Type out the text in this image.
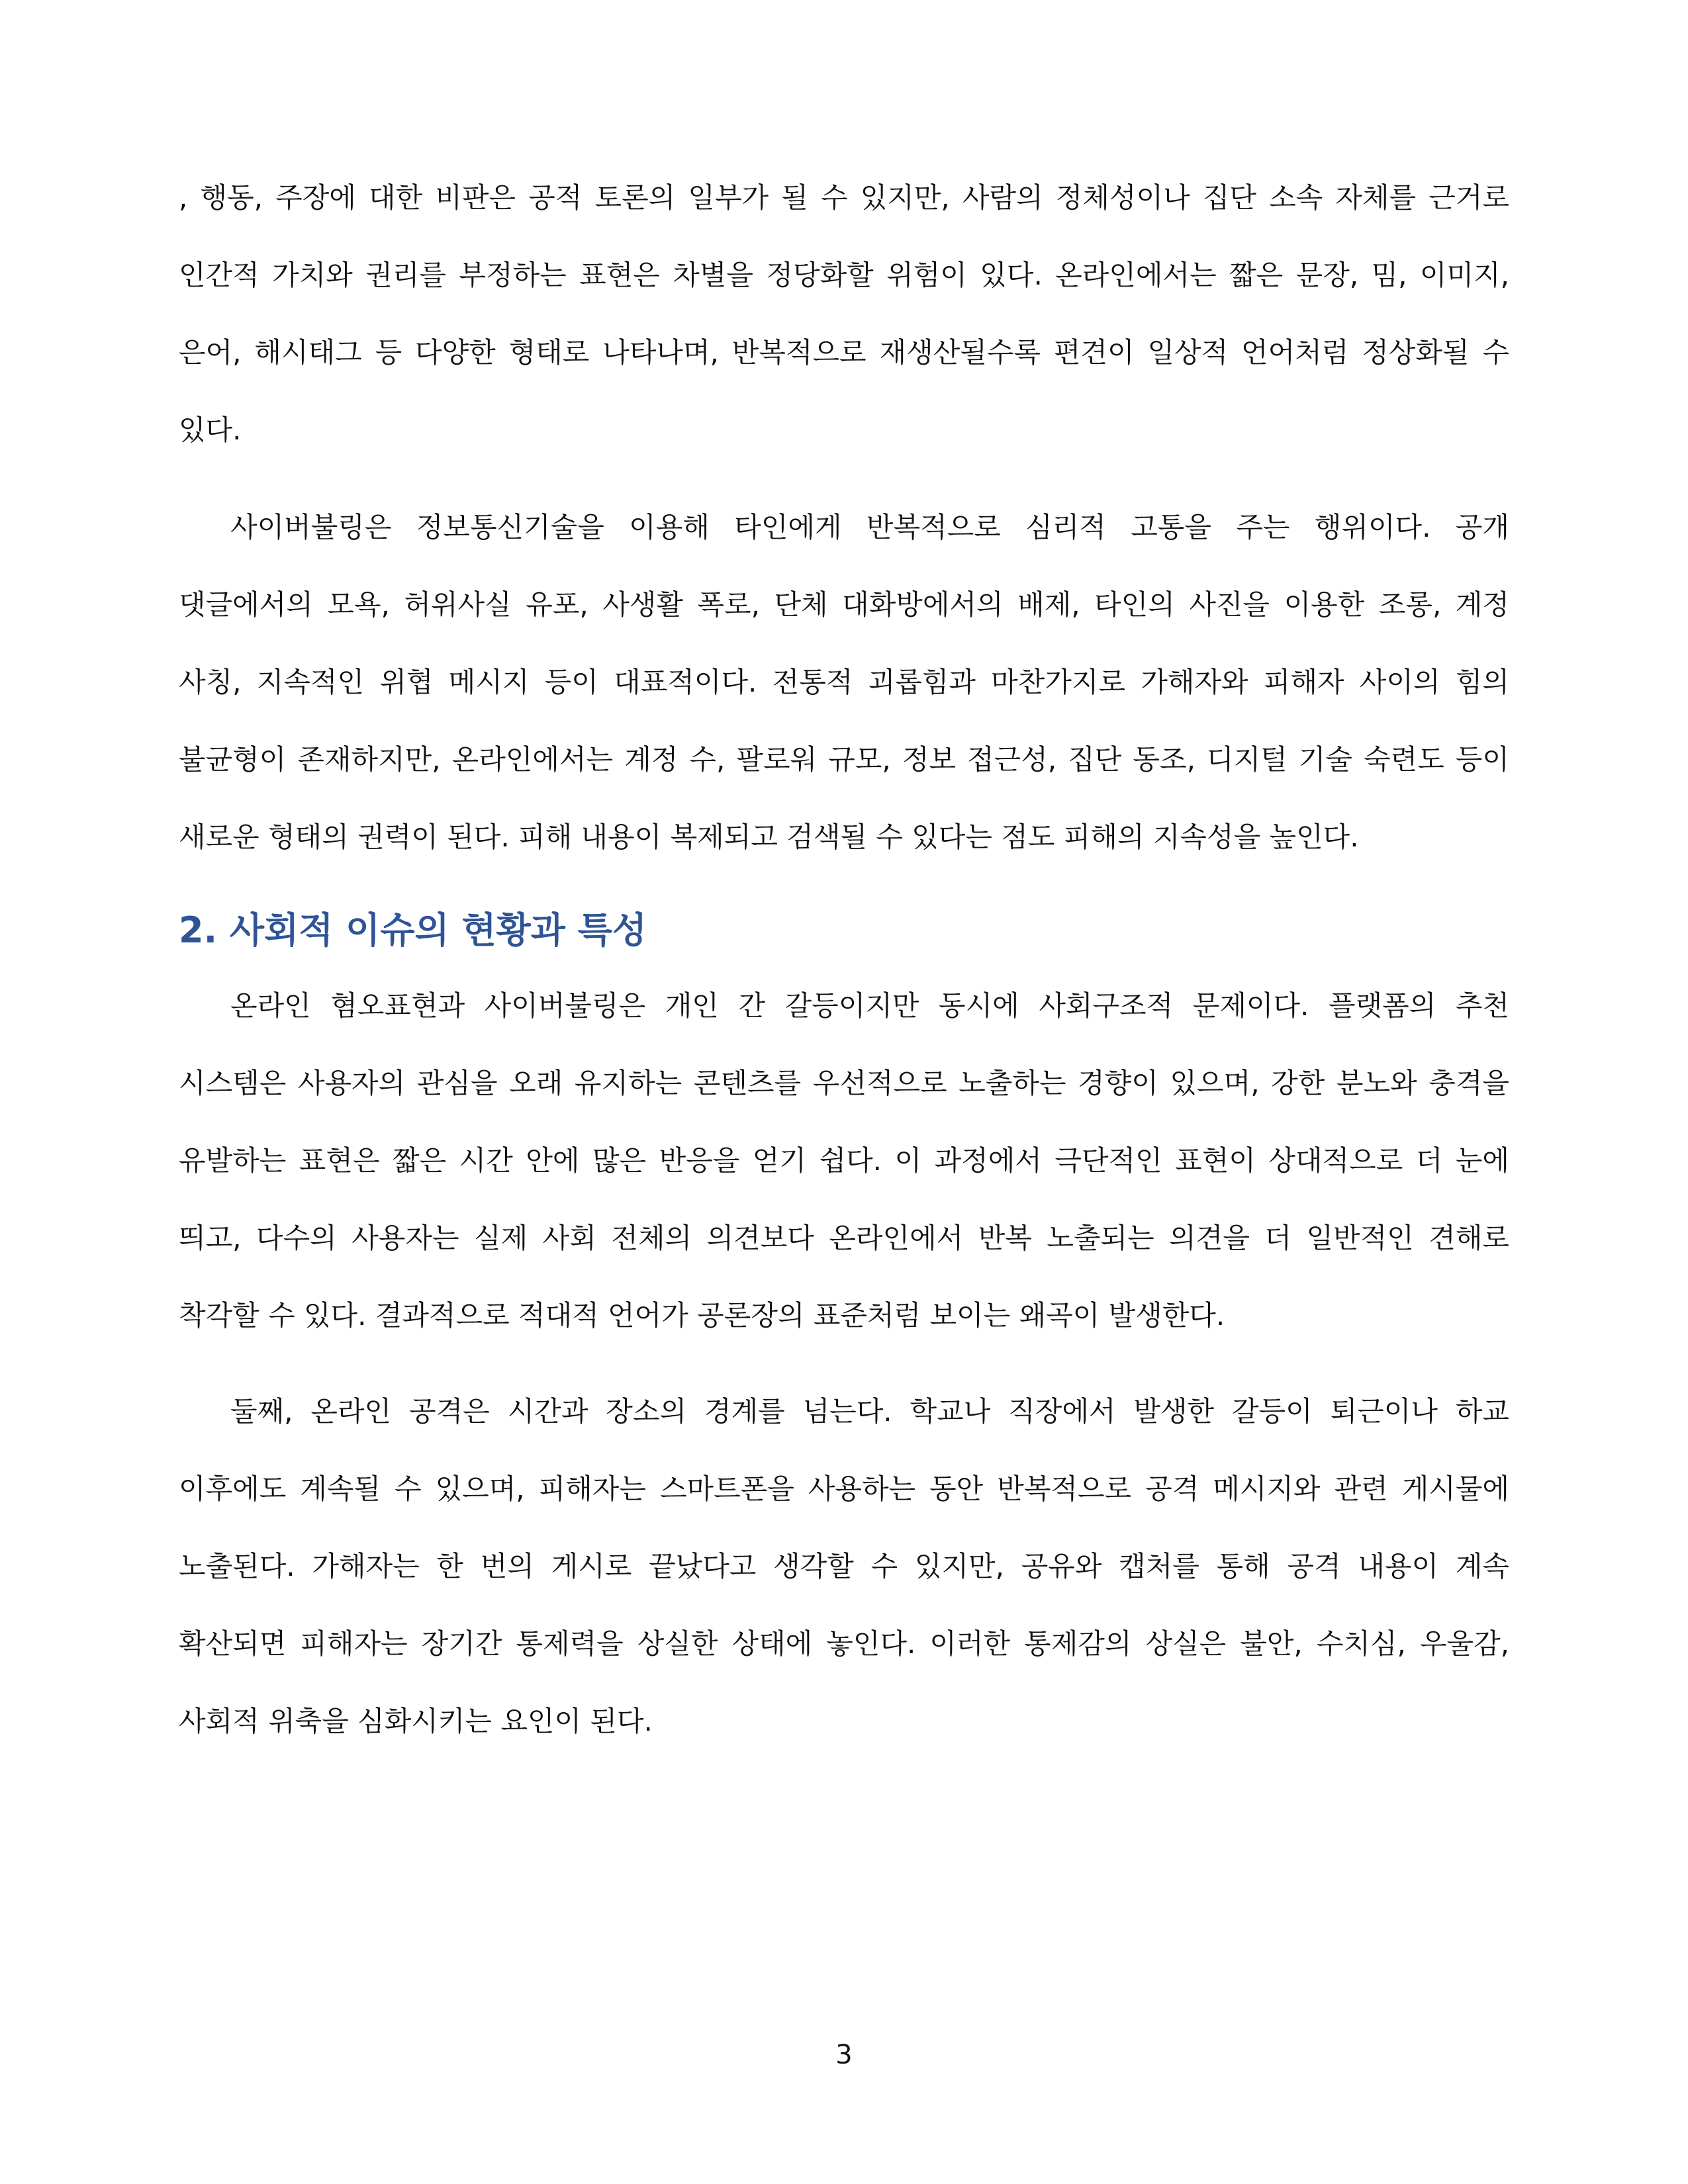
, 행동, 주장에 대한 비판은 공적 토론의 일부가 될 수 있지만, 사람의 정체성이나 집단 소속 자체를 근거로 인간적 가치와 권리를 부정하는 표현은 차별을 정당화할 위험이 있다. 온라인에서는 짧은 문장, 밈, 이미지, 은어, 해시태그 등 다양한 형태로 나타나며, 반복적으로 재생산될수록 편견이 일상적 언어처럼 정상화될 수 있다.

사이버불링은 정보통신기술을 이용해 타인에게 반복적으로 심리적 고통을 주는 행위이다. 공개 댓글에서의 모욕, 허위사실 유포, 사생활 폭로, 단체 대화방에서의 배제, 타인의 사진을 이용한 조롱, 계정 사칭, 지속적인 위협 메시지 등이 대표적이다. 전통적 괴롭힘과 마찬가지로 가해자와 피해자 사이의 힘의 불균형이 존재하지만, 온라인에서는 계정 수, 팔로워 규모, 정보 접근성, 집단 동조, 디지털 기술 숙련도 등이 새로운 형태의 권력이 된다. 피해 내용이 복제되고 검색될 수 있다는 점도 피해의 지속성을 높인다.

2. 사회적 이슈의 현황과 특성

온라인 혐오표현과 사이버불링은 개인 간 갈등이지만 동시에 사회구조적 문제이다. 플랫폼의 추천 시스템은 사용자의 관심을 오래 유지하는 콘텐츠를 우선적으로 노출하는 경향이 있으며, 강한 분노와 충격을 유발하는 표현은 짧은 시간 안에 많은 반응을 얻기 쉽다. 이 과정에서 극단적인 표현이 상대적으로 더 눈에 띄고, 다수의 사용자는 실제 사회 전체의 의견보다 온라인에서 반복 노출되는 의견을 더 일반적인 견해로 착각할 수 있다. 결과적으로 적대적 언어가 공론장의 표준처럼 보이는 왜곡이 발생한다.

둘째, 온라인 공격은 시간과 장소의 경계를 넘는다. 학교나 직장에서 발생한 갈등이 퇴근이나 하교 이후에도 계속될 수 있으며, 피해자는 스마트폰을 사용하는 동안 반복적으로 공격 메시지와 관련 게시물에 노출된다. 가해자는 한 번의 게시로 끝났다고 생각할 수 있지만, 공유와 캡처를 통해 공격 내용이 계속 확산되면 피해자는 장기간 통제력을 상실한 상태에 놓인다. 이러한 통제감의 상실은 불안, 수치심, 우울감, 사회적 위축을 심화시키는 요인이 된다.

3
